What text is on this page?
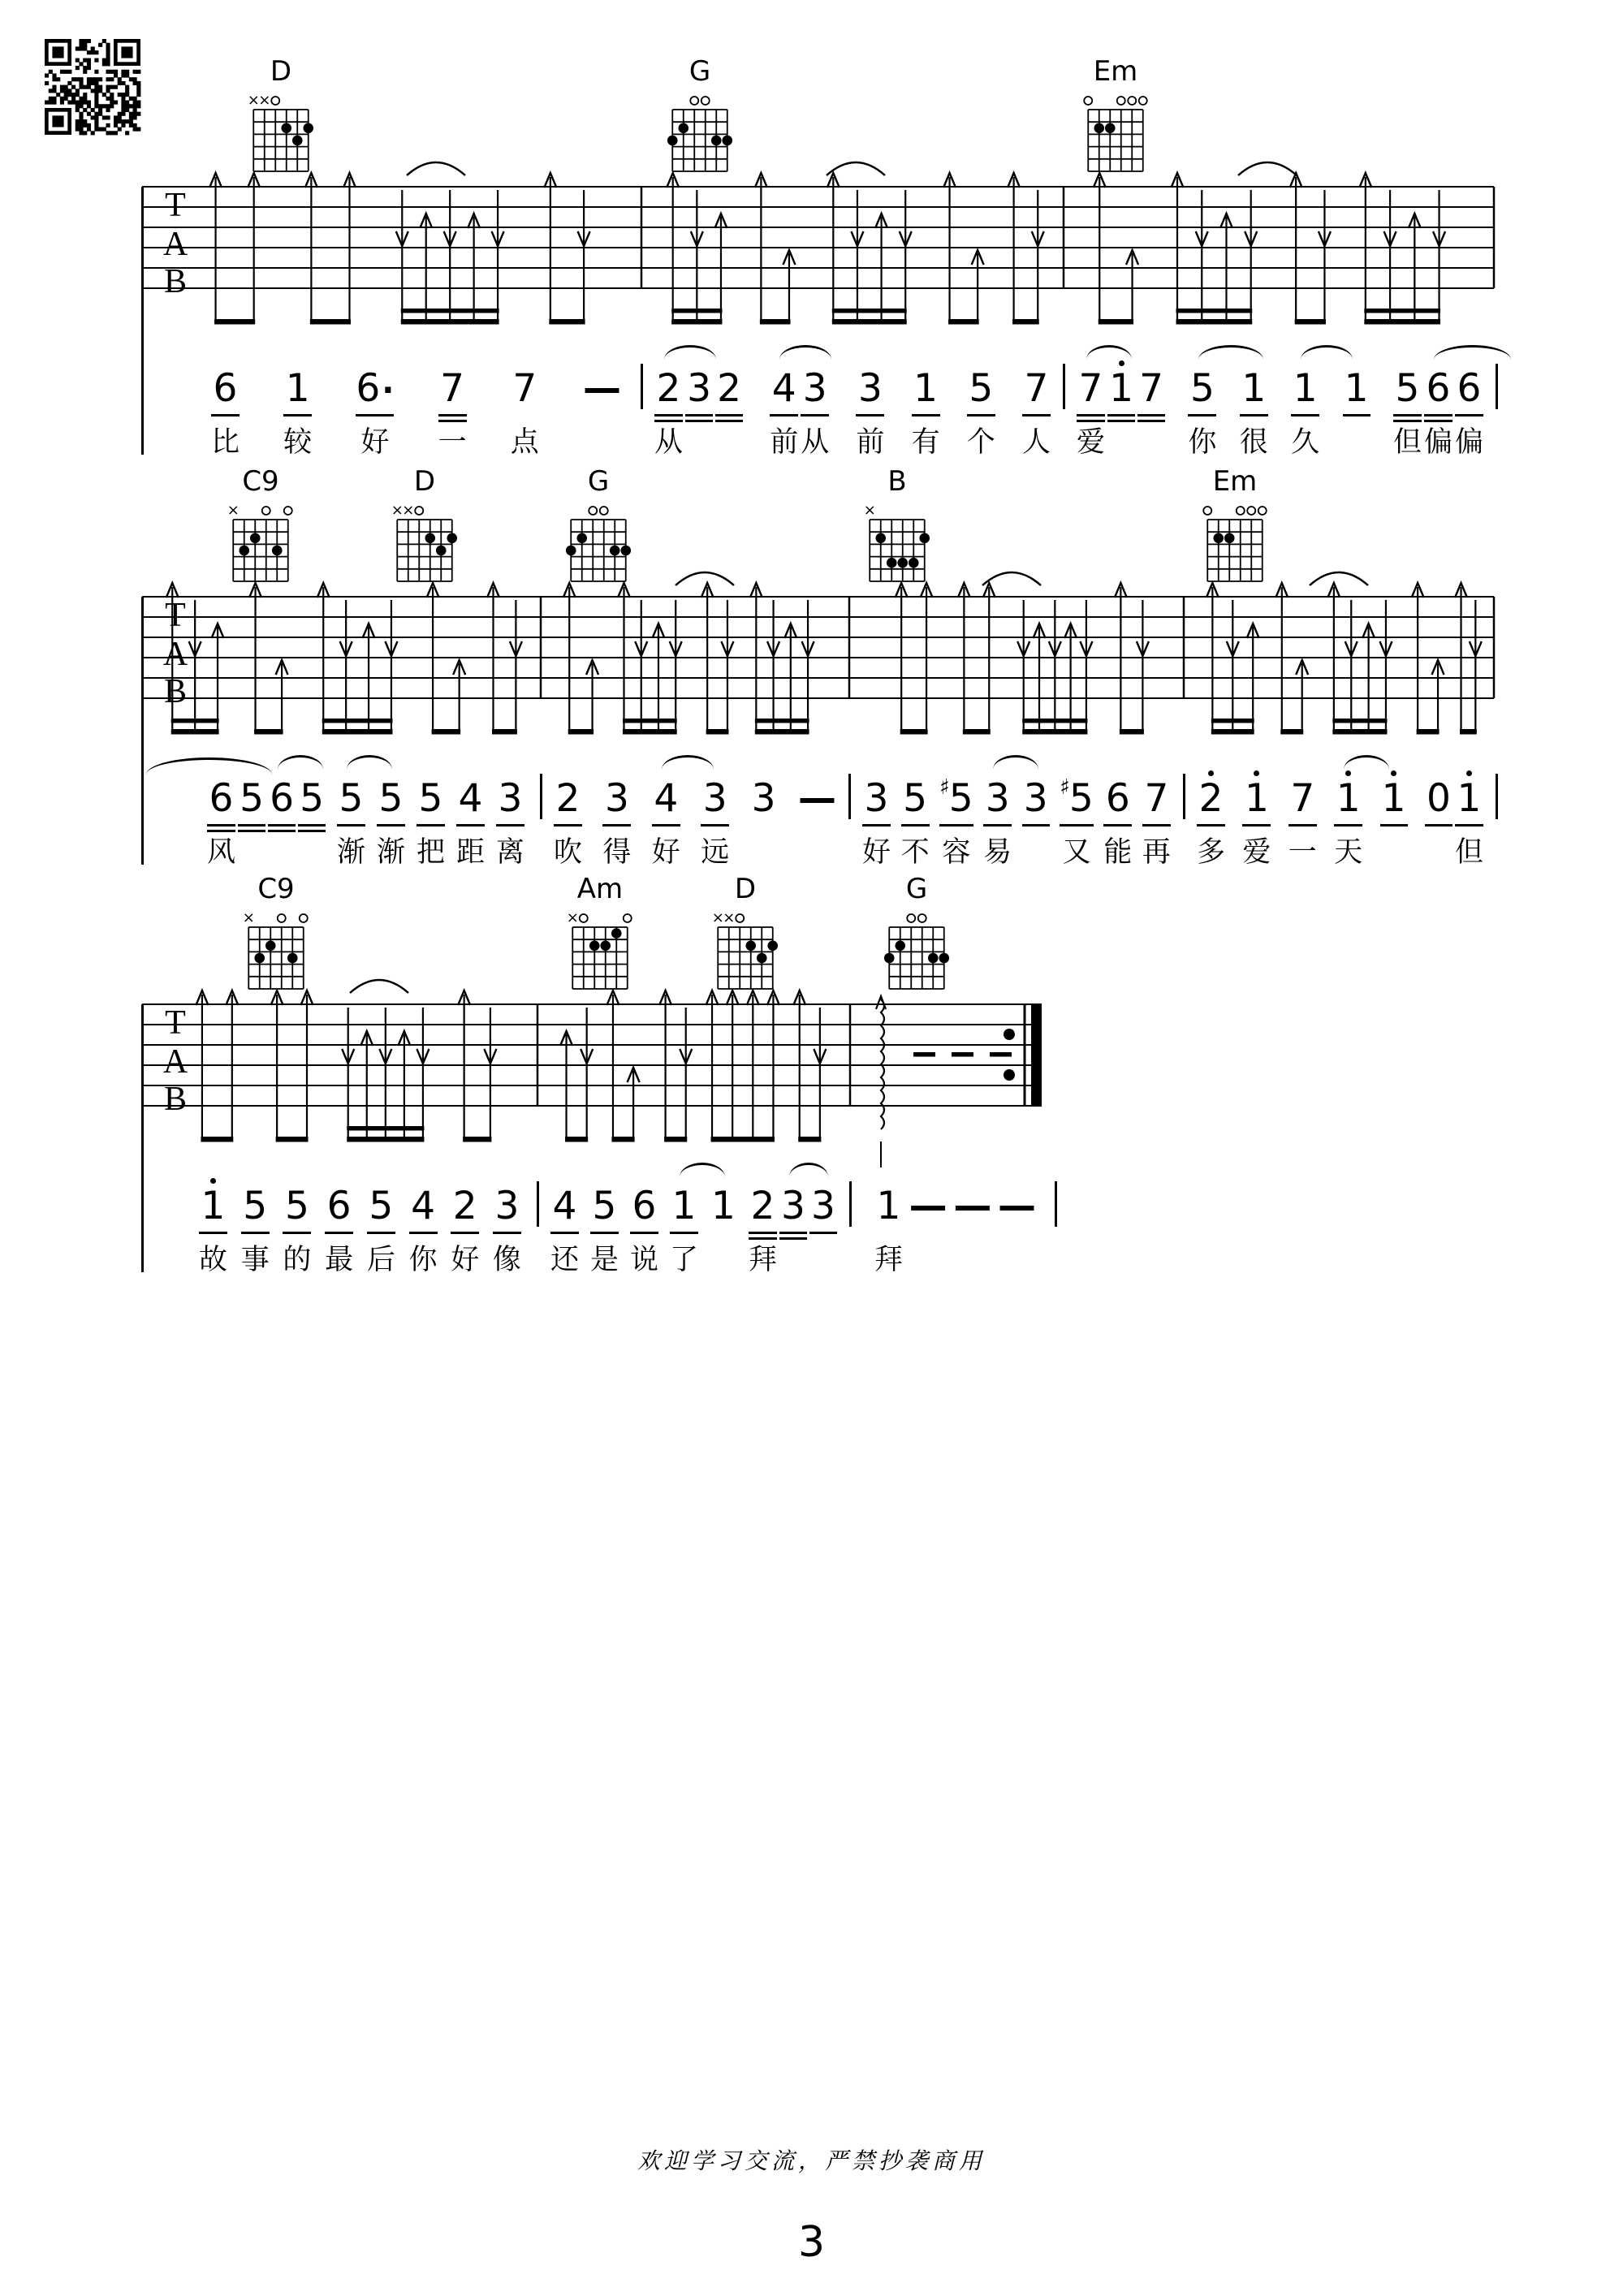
T
A
B
D
×
×
G	Em
T
A
B
C9
×
D
×
×
G	B
×
Em
T
A
B
C9
×
Am
×
D
×
×
G
6
比
1
较
6 ·
好
7
一
7
点
—
2
从
3
2
4
前
3
从
3
前
1
有
5
个
7
人
7
爱
1
7
5
你
1
很
1
久
1
5
但
6
偏
6
偏
6
风
5
6
5
5
渐
5
渐
5
把
4
距
3
离
2
吹
3
得
4
好
3
远
3
—
3
好
5
不
♯ 5
容
3
易
3
♯ 5
又
6
能
7
再
2
多
1
爱
7
一
1
天
1
0
1
但
1
故
5
事
5
的
6
最
5
后
4
你
2
好
3
像
4
还
5
是
6
说
1
了
1
2
拜
3
3
1
拜
—
—
—

欢迎学习交流，严禁抄袭商用
3
